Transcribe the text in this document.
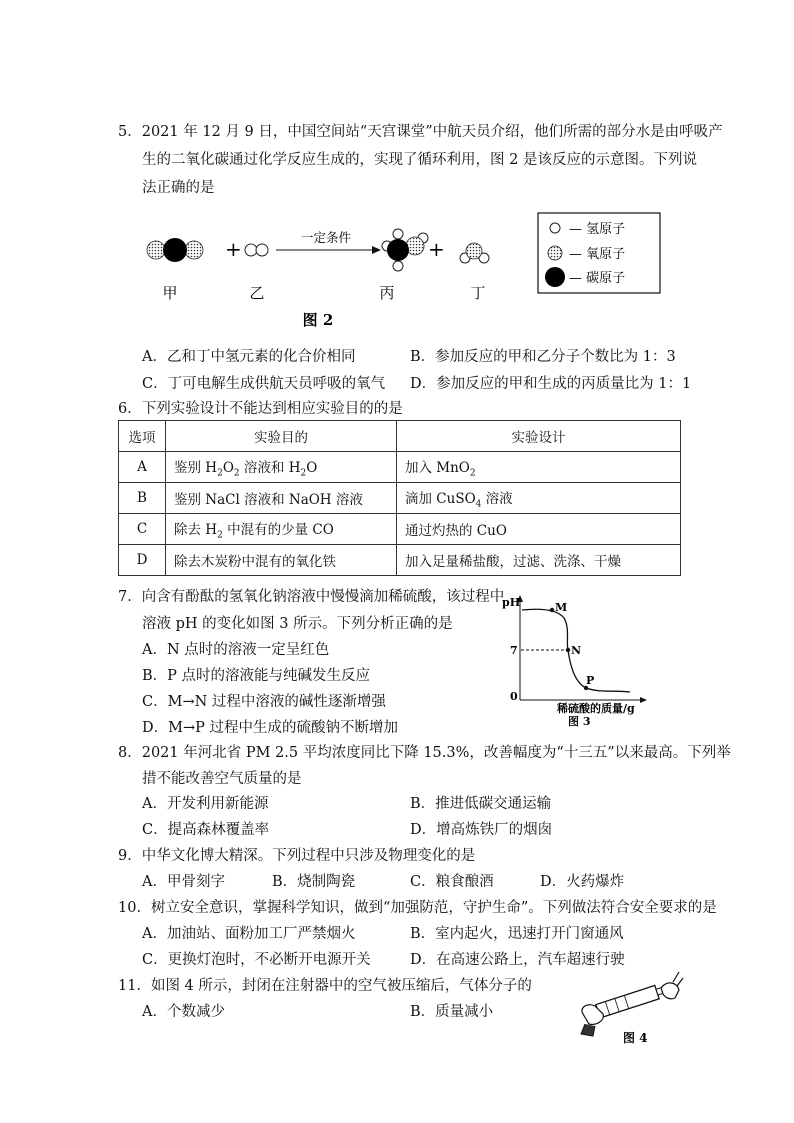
5．2021 年 12 月 9 日，中国空间站“天宫课堂”中航天员介绍，他们所需的部分水是由呼吸产
生的二氧化碳通过化学反应生成的，实现了循环利用，图 2 是该反应的示意图。下列说
法正确的是
+	一定条件	+
甲	乙	丙	丁
图 2
— 氢原子
— 氧原子
— 碳原子
A．乙和丁中氢元素的化合价相同	B．参加反应的甲和乙分子个数比为 1：3
C．丁可电解生成供航天员呼吸的氧气 D．参加反应的甲和生成的丙质量比为 1：1
6．下列实验设计不能达到相应实验目的的是
选项	实验目的	实验设计
A	鉴别 $H_2O_2$ 溶液和 $H_2O$	加入 MnO$_2$
B	鉴别 NaCl 溶液和 NaOH 溶液	滴加 CuSO$_4$ 溶液
C	除去 $H_2$ 中混有的少量 CO	通过灼热的 CuO
D	除去木炭粉中混有的氧化铁	加入足量稀盐酸，过滤、洗涤、干燥
7．向含有酚酞的氢氧化钠溶液中慢慢滴加稀硫酸，该过程中
溶液 pH 的变化如图 3 所示。下列分析正确的是
A．N 点时的溶液一定呈红色
B．P 点时的溶液能与纯碱发生反应
C．M→N 过程中溶液的碱性逐渐增强
D．M→P 过程中生成的硫酸钠不断增加
pH
7
0
M
N
P
稀硫酸的质量/g
图 3
8．2021 年河北省 PM 2.5 平均浓度同比下降 15.3%，改善幅度为“十三五”以来最高。下列举
措不能改善空气质量的是
A．开发利用新能源	B．推进低碳交通运输
C．提高森林覆盖率	D．增高炼铁厂的烟囱
9．中华文化博大精深。下列过程中只涉及物理变化的是
A．甲骨刻字	B．烧制陶瓷	C．粮食酿酒	D．火药爆炸
10．树立安全意识，掌握科学知识，做到“加强防范，守护生命”。下列做法符合安全要求的是
A．加油站、面粉加工厂严禁烟火	B．室内起火，迅速打开门窗通风
C．更换灯泡时，不必断开电源开关	D．在高速公路上，汽车超速行驶
11．如图 4 所示，封闭在注射器中的空气被压缩后，气体分子的
A．个数减少	B．质量减小
图 4
